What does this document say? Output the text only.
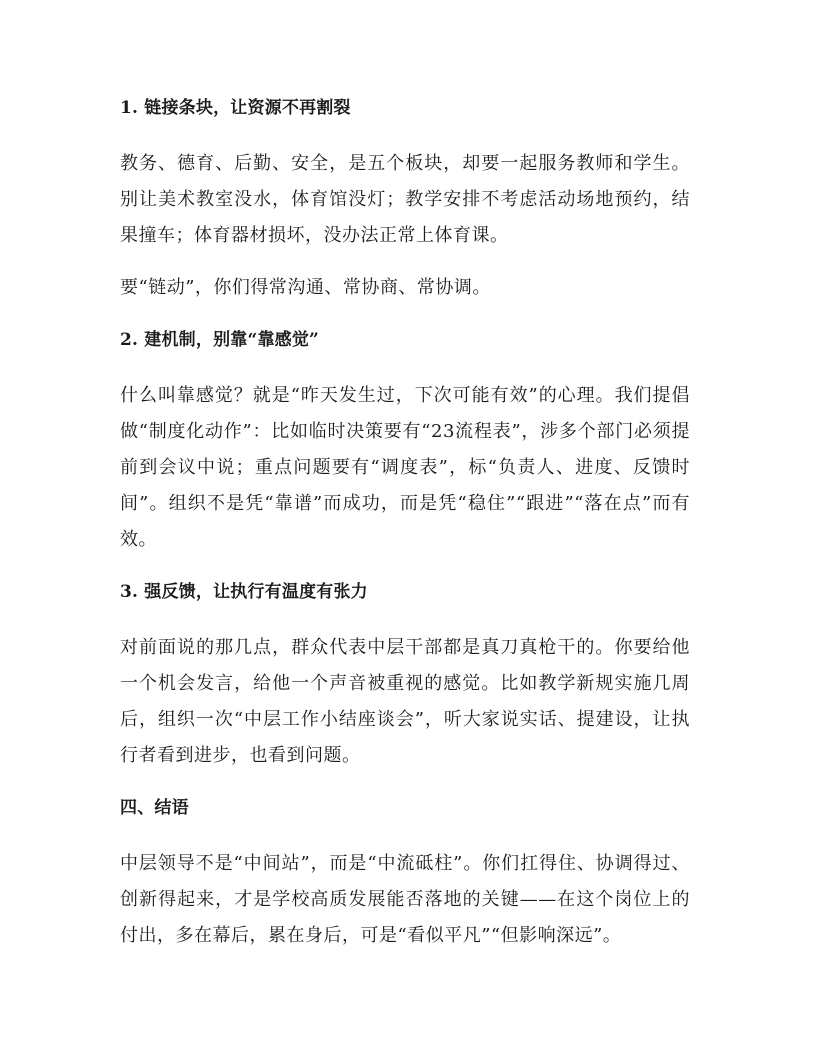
1. 链接条块，让资源不再割裂

教务、德育、后勤、安全，是五个板块，却要一起服务教师和学生。别让美术教室没水，体育馆没灯；教学安排不考虑活动场地预约，结果撞车；体育器材损坏，没办法正常上体育课。

要“链动”，你们得常沟通、常协商、常协调。

2. 建机制，别靠“靠感觉”

什么叫靠感觉？就是“昨天发生过，下次可能有效”的心理。我们提倡做“制度化动作”：比如临时决策要有“23流程表”，涉多个部门必须提前到会议中说；重点问题要有“调度表”，标“负责人、进度、反馈时间”。组织不是凭“靠谱”而成功，而是凭“稳住”“跟进”“落在点”而有效。

3. 强反馈，让执行有温度有张力

对前面说的那几点，群众代表中层干部都是真刀真枪干的。你要给他一个机会发言，给他一个声音被重视的感觉。比如教学新规实施几周后，组织一次“中层工作小结座谈会”，听大家说实话、提建设，让执行者看到进步，也看到问题。

四、结语

中层领导不是“中间站”，而是“中流砥柱”。你们扛得住、协调得过、创新得起来，才是学校高质发展能否落地的关键——在这个岗位上的付出，多在幕后，累在身后，可是“看似平凡”“但影响深远”。
